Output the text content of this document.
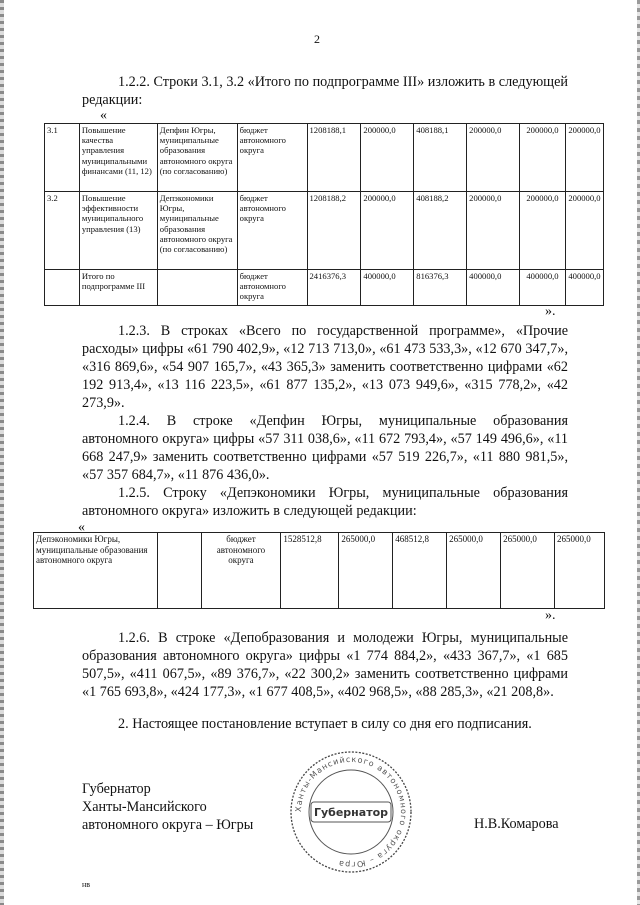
2
1.2.2. Строки 3.1, 3.2 «Итого по подпрограмме III» изложить в следующей редакции:
«
3.1	Повышение качества управления муниципальными финансами (11, 12)	Депфин Югры, муниципальные образования автономного округа (по согласованию)	бюджет автономного округа	1208188,1	200000,0	408188,1	200000,0	200000,0	200000,0
3.2	Повышение эффективности муниципального управления (13)	Депэкономики Югры, муниципальные образования автономного округа (по согласованию)	бюджет автономного округа	1208188,2	200000,0	408188,2	200000,0	200000,0	200000,0
	Итого по подпрограмме III		бюджет автономного округа	2416376,3	400000,0	816376,3	400000,0	400000,0	400000,0
».
1.2.3. В строках «Всего по государственной программе», «Прочие расходы» цифры «61 790 402,9», «12 713 713,0», «61 473 533,3», «12 670 347,7», «316 869,6», «54 907 165,7», «43 365,3» заменить соответственно цифрами «62 192 913,4», «13 116 223,5», «61 877 135,2», «13 073 949,6», «315 778,2», «42 273,9».
1.2.4. В строке «Депфин Югры, муниципальные образования автономного округа» цифры «57 311 038,6», «11 672 793,4», «57 149 496,6», «11 668 247,9» заменить соответственно цифрами «57 519 226,7», «11 880 981,5», «57 357 684,7», «11 876 436,0».
1.2.5. Строку «Депэкономики Югры, муниципальные образования автономного округа» изложить в следующей редакции:
«
Депэкономики Югры, муниципальные образования автономного округа		бюджет автономного округа	1528512,8	265000,0	468512,8	265000,0	265000,0	265000,0
».
1.2.6. В строке «Депобразования и молодежи Югры, муниципальные образования автономного округа» цифры «1 774 884,2», «433 367,7», «1 685 507,5», «411 067,5», «89 376,7», «22 300,2» заменить соответственно цифрами «1 765 693,8», «424 177,3», «1 677 408,5», «402 968,5», «88 285,3», «21 208,8».
2. Настоящее постановление вступает в силу со дня его подписания.
Губернатор
Ханты-Мансийского
автономного округа – Югры
Ханты-Мансийского автономного округа – Югра
Губернатор
Н.В.Комарова
нв
